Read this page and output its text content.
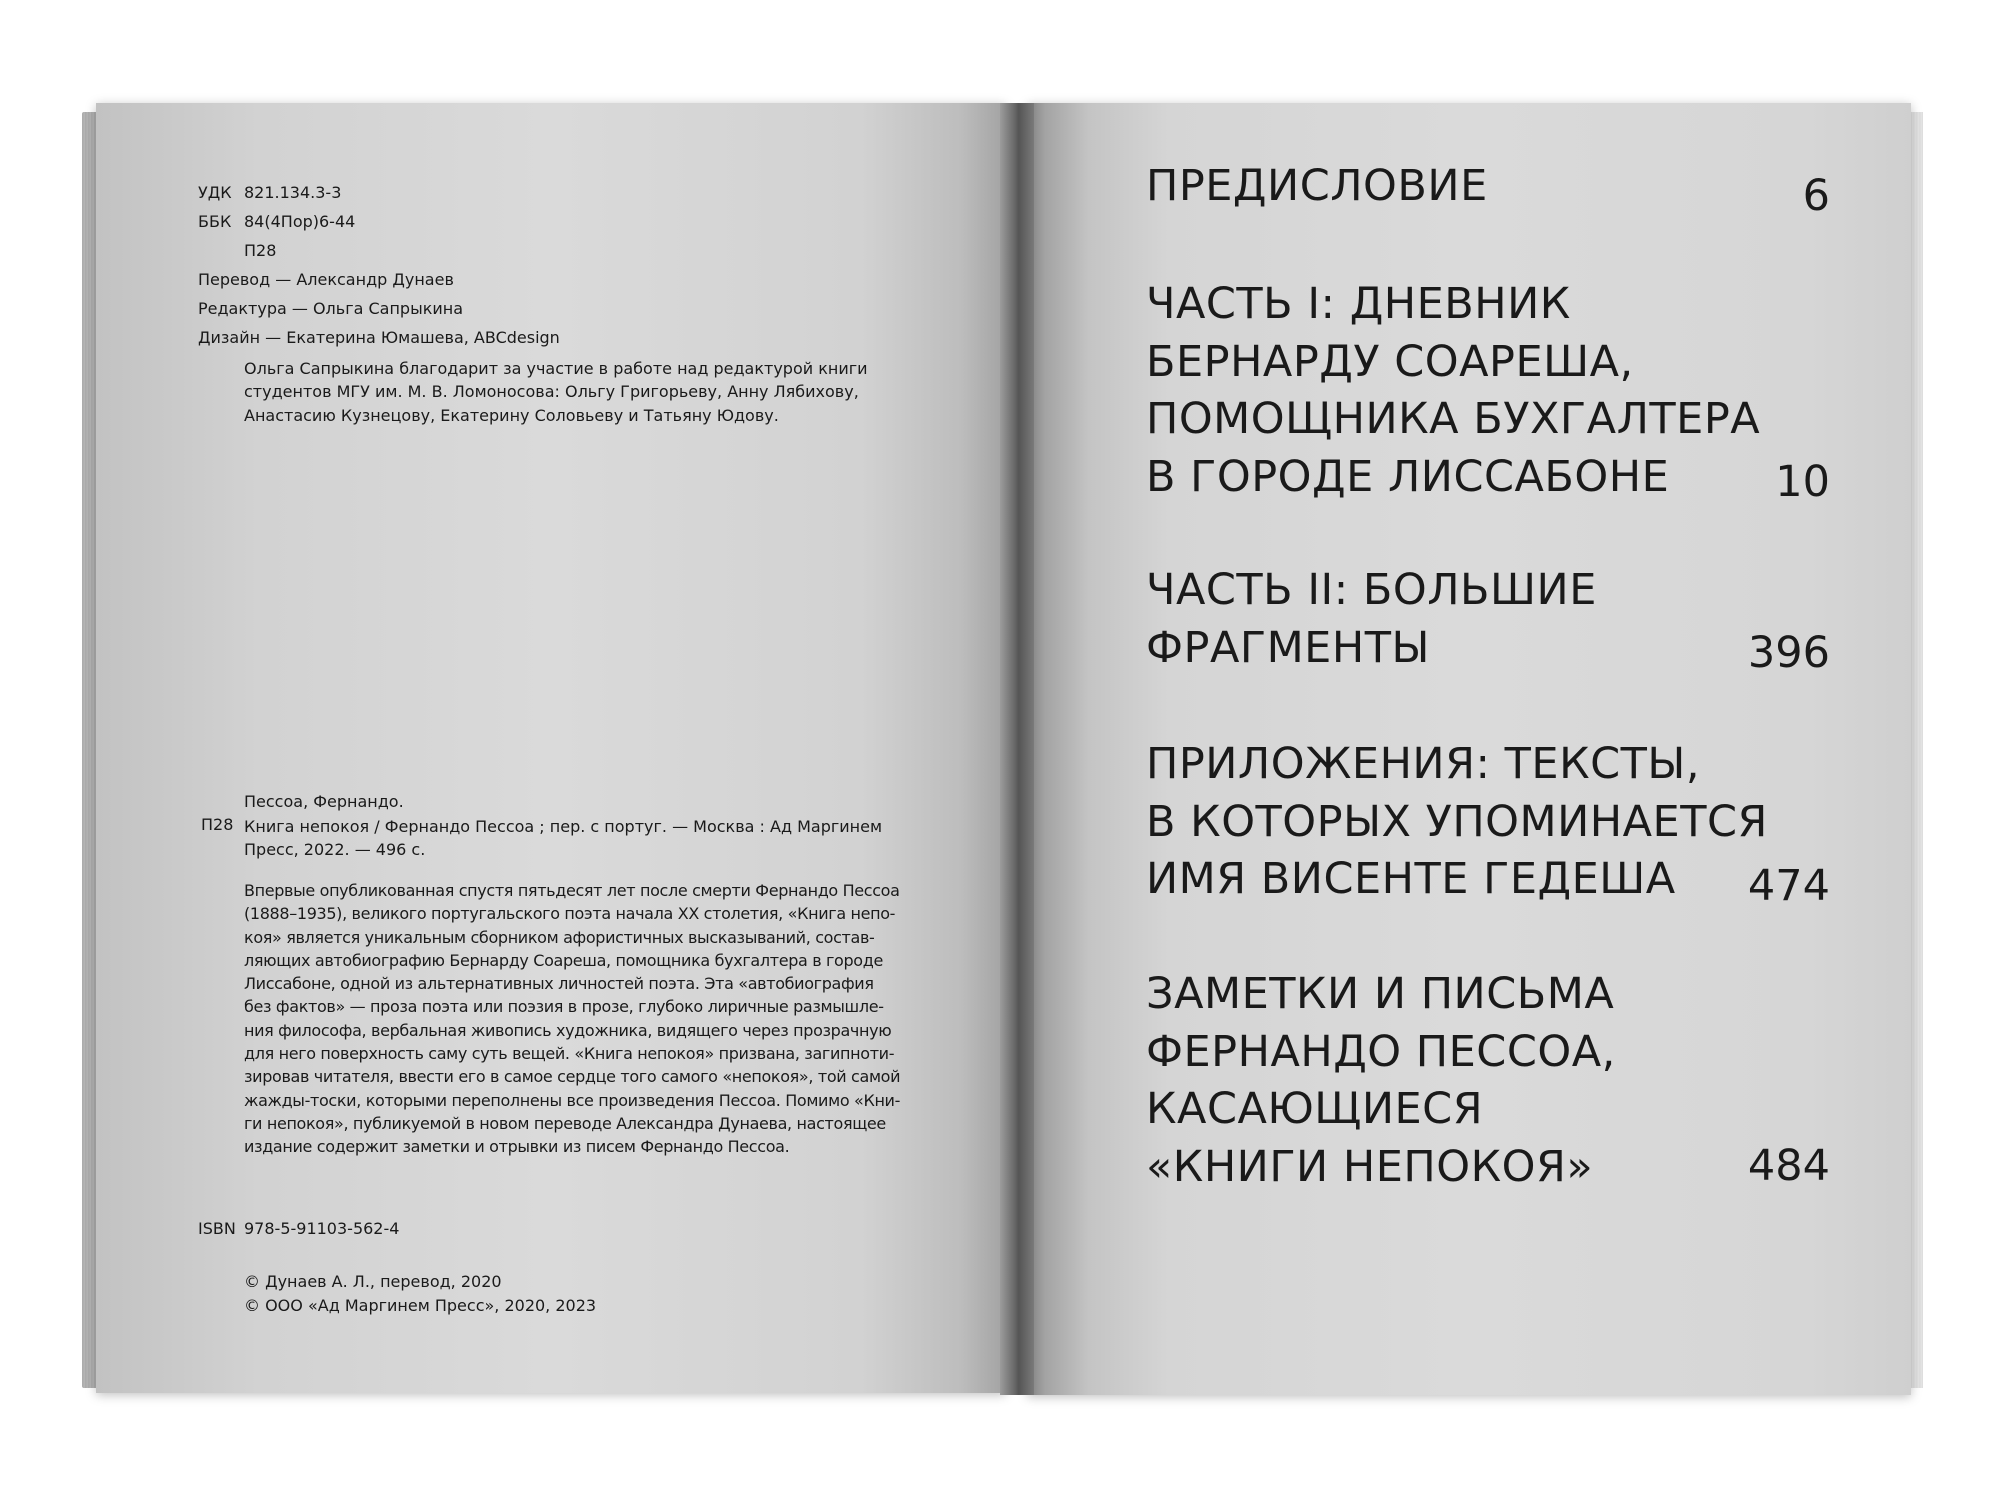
УДК 821.134.3-3
ББК 84(4Пор)6-44
П28
Перевод — Александр Дунаев
Редактура — Ольга Сапрыкина
Дизайн — Екатерина Юмашева, ABCdesign
Ольга Сапрыкина благодарит за участие в работе над редактурой книги
студентов МГУ им. М. В. Ломоносова: Ольгу Григорьеву, Анну Лябихову,
Анастасию Кузнецову, Екатерину Соловьеву и Татьяну Юдову.
Пессоа, Фернандо.
П28 Книга непокоя / Фернандо Пессоа ; пер. с португ. — Москва : Ад Маргинем
Пресс, 2022. — 496 с.
Впервые опубликованная спустя пятьдесят лет после смерти Фернандо Пессоа
(1888–1935), великого португальского поэта начала XX столетия, «Книга непо-
коя» является уникальным сборником афористичных высказываний, состав-
ляющих автобиографию Бернарду Соареша, помощника бухгалтера в городе
Лиссабоне, одной из альтернативных личностей поэта. Эта «автобиография
без фактов» — проза поэта или поэзия в прозе, глубоко лиричные размышле-
ния философа, вербальная живопись художника, видящего через прозрачную
для него поверхность саму суть вещей. «Книга непокоя» призвана, загипноти-
зировав читателя, ввести его в самое сердце того самого «непокоя», той самой
жажды-тоски, которыми переполнены все произведения Пессоа. Помимо «Кни-
ги непокоя», публикуемой в новом переводе Александра Дунаева, настоящее
издание содержит заметки и отрывки из писем Фернандо Пессоа.
ISBN 978-5-91103-562-4
© Дунаев А. Л., перевод, 2020
© ООО «Ад Маргинем Пресс», 2020, 2023
ПРЕДИСЛОВИЕ	6
ЧАСТЬ I: ДНЕВНИК
БЕРНАРДУ СОАРЕША,
ПОМОЩНИКА БУХГАЛТЕРА
В ГОРОДЕ ЛИССАБОНЕ	10
ЧАСТЬ II: БОЛЬШИЕ
ФРАГМЕНТЫ	396
ПРИЛОЖЕНИЯ: ТЕКСТЫ,
В КОТОРЫХ УПОМИНАЕТСЯ
ИМЯ ВИСЕНТЕ ГЕДЕША	474
ЗАМЕТКИ И ПИСЬМА
ФЕРНАНДО ПЕССОА,
КАСАЮЩИЕСЯ
«КНИГИ НЕПОКОЯ»	484
